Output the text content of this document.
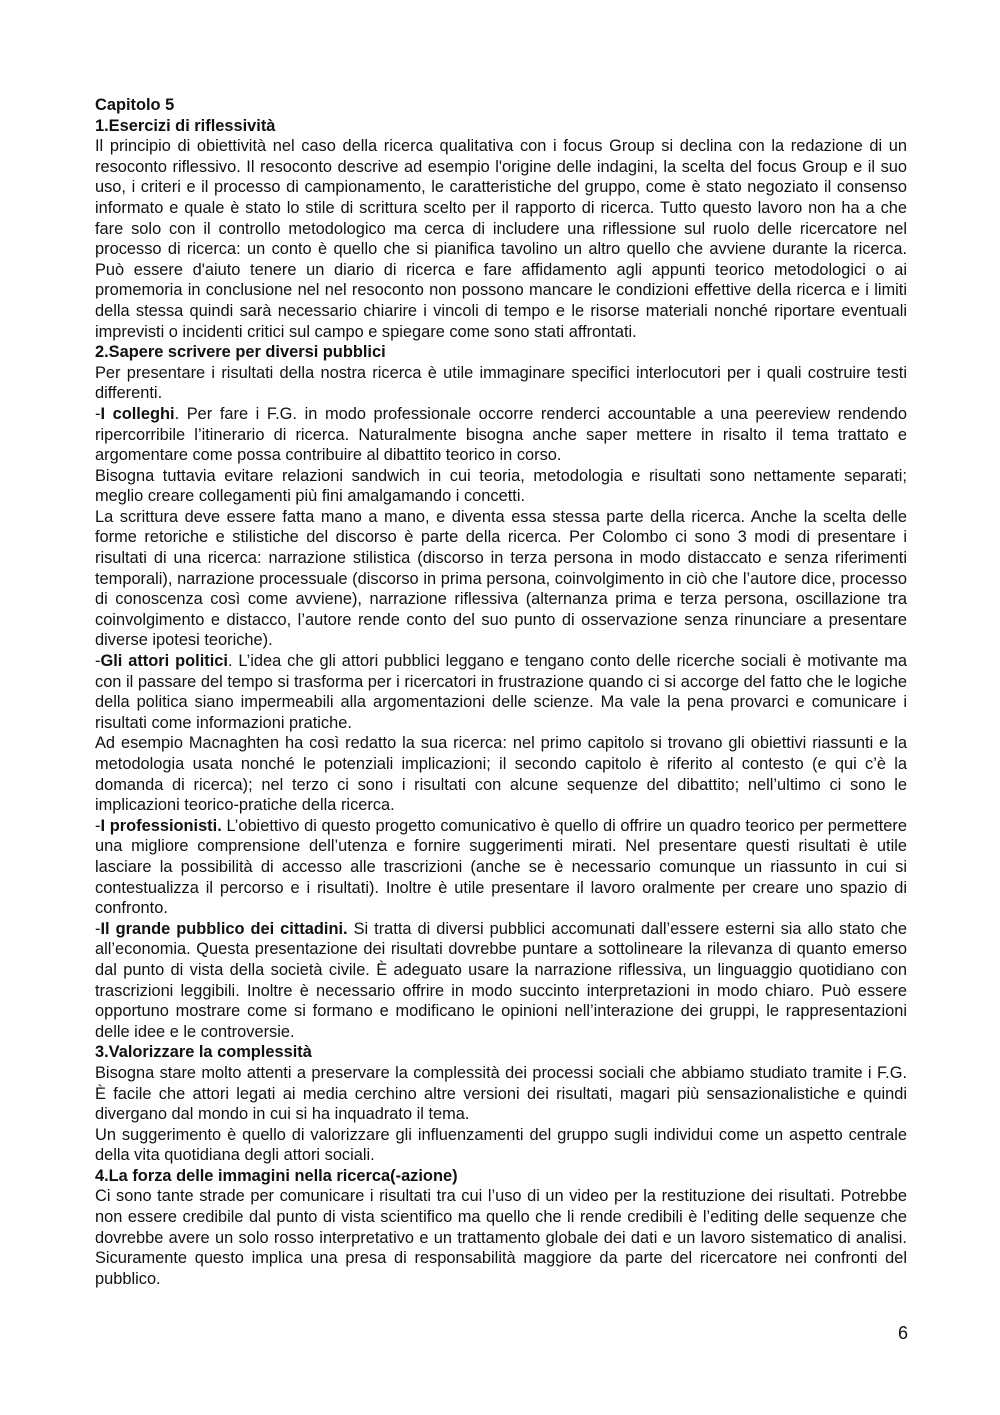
Capitolo 5
1.Esercizi di riflessività

Il principio di obiettività nel caso della ricerca qualitativa con i focus Group si declina con la redazione di un resoconto riflessivo. Il resoconto descrive ad esempio l'origine delle indagini, la scelta del focus Group e il suo uso, i criteri e il processo di campionamento, le caratteristiche del gruppo, come è stato negoziato il consenso informato e quale è stato lo stile di scrittura scelto per il rapporto di ricerca. Tutto questo lavoro non ha a che fare solo con il controllo metodologico ma cerca di includere una riflessione sul ruolo delle ricercatore nel processo di ricerca: un conto è quello che si pianifica tavolino un altro quello che avviene durante la ricerca. Può essere d'aiuto tenere un diario di ricerca e fare affidamento agli appunti teorico metodologici o ai promemoria in conclusione nel nel resoconto non possono mancare le condizioni effettive della ricerca e i limiti della stessa quindi sarà necessario chiarire i vincoli di tempo e le risorse materiali nonché riportare eventuali imprevisti o incidenti critici sul campo e spiegare come sono stati affrontati.

2.Sapere scrivere per diversi pubblici

Per presentare i risultati della nostra ricerca è utile immaginare specifici interlocutori per i quali costruire testi differenti.

-I colleghi. Per fare i F.G. in modo professionale occorre renderci accountable a una peereview rendendo ripercorribile l’itinerario di ricerca. Naturalmente bisogna anche saper mettere in risalto il tema trattato e argomentare come possa contribuire al dibattito teorico in corso.

Bisogna tuttavia evitare relazioni sandwich in cui teoria, metodologia e risultati sono nettamente separati; meglio creare collegamenti più fini amalgamando i concetti.

La scrittura deve essere fatta mano a mano, e diventa essa stessa parte della ricerca. Anche la scelta delle forme retoriche e stilistiche del discorso è parte della ricerca. Per Colombo ci sono 3 modi di presentare i risultati di una ricerca: narrazione stilistica (discorso in terza persona in modo distaccato e senza riferimenti temporali), narrazione processuale (discorso in prima persona, coinvolgimento in ciò che l’autore dice, processo di conoscenza così come avviene), narrazione riflessiva (alternanza prima e terza persona, oscillazione tra coinvolgimento e distacco, l’autore rende conto del suo punto di osservazione senza rinunciare a presentare diverse ipotesi teoriche).

-Gli attori politici. L’idea che gli attori pubblici leggano e tengano conto delle ricerche sociali è motivante ma con il passare del tempo si trasforma per i ricercatori in frustrazione quando ci si accorge del fatto che le logiche della politica siano impermeabili alla argomentazioni delle scienze. Ma vale la pena provarci e comunicare i risultati come informazioni pratiche.

Ad esempio Macnaghten ha così redatto la sua ricerca: nel primo capitolo si trovano gli obiettivi riassunti e la metodologia usata nonché le potenziali implicazioni; il secondo capitolo è riferito al contesto (e qui c’è la domanda di ricerca); nel terzo ci sono i risultati con alcune sequenze del dibattito; nell’ultimo ci sono le implicazioni teorico-pratiche della ricerca.

-I professionisti. L’obiettivo di questo progetto comunicativo è quello di offrire un quadro teorico per permettere una migliore comprensione dell’utenza e fornire suggerimenti mirati. Nel presentare questi risultati è utile lasciare la possibilità di accesso alle trascrizioni (anche se è necessario comunque un riassunto in cui si contestualizza il percorso e i risultati). Inoltre è utile presentare il lavoro oralmente per creare uno spazio di confronto.

-Il grande pubblico dei cittadini. Si tratta di diversi pubblici accomunati dall’essere esterni sia allo stato che all’economia. Questa presentazione dei risultati dovrebbe puntare a sottolineare la rilevanza di quanto emerso dal punto di vista della società civile. È adeguato usare la narrazione riflessiva, un linguaggio quotidiano con trascrizioni leggibili. Inoltre è necessario offrire in modo succinto interpretazioni in modo chiaro. Può essere opportuno mostrare come si formano e modificano le opinioni nell’interazione dei gruppi, le rappresentazioni delle idee e le controversie.

3.Valorizzare la complessità

Bisogna stare molto attenti a preservare la complessità dei processi sociali che abbiamo studiato tramite i F.G. È facile che attori legati ai media cerchino altre versioni dei risultati, magari più sensazionalistiche e quindi divergano dal mondo in cui si ha inquadrato il tema.

Un suggerimento è quello di valorizzare gli influenzamenti del gruppo sugli individui come un aspetto centrale della vita quotidiana degli attori sociali.

4.La forza delle immagini nella ricerca(-azione)

Ci sono tante strade per comunicare i risultati tra cui l’uso di un video per la restituzione dei risultati. Potrebbe non essere credibile dal punto di vista scientifico ma quello che li rende credibili è l’editing delle sequenze che dovrebbe avere un solo rosso interpretativo e un trattamento globale dei dati e un lavoro sistematico di analisi. Sicuramente questo implica una presa di responsabilità maggiore da parte del ricercatore nei confronti del pubblico.

6
